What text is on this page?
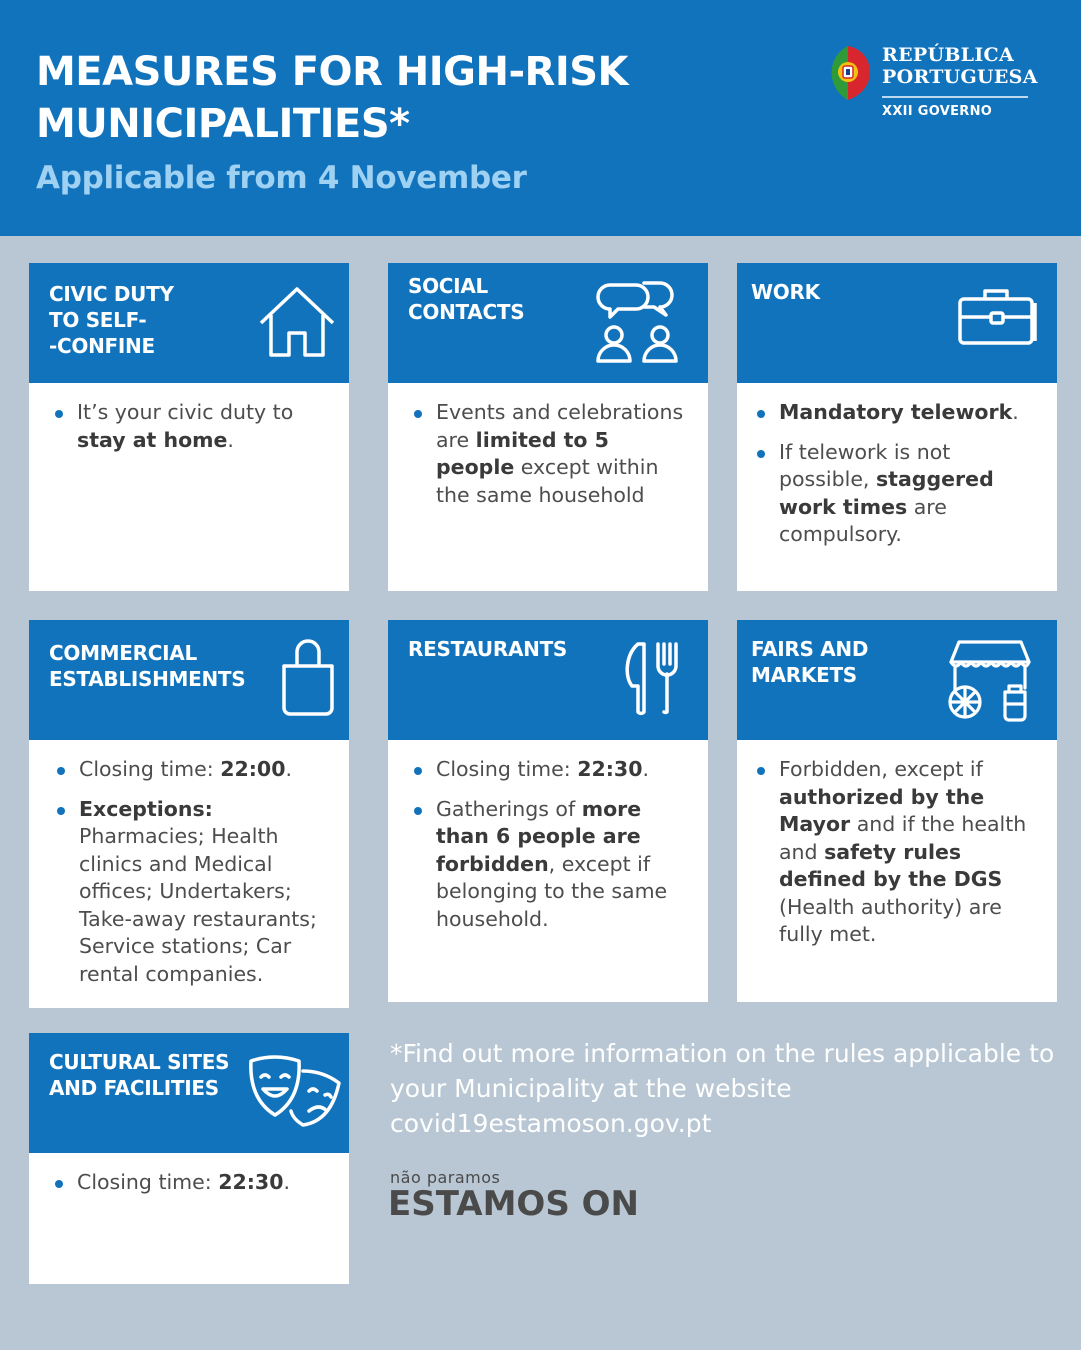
MEASURES FOR HIGH-RISK MUNICIPALITIES*
Applicable from 4 November
REPÚBLICA
PORTUGUESA
XXII GOVERNO
CIVIC DUTY
TO SELF-
-CONFINE
It’s your civic duty to stay at home.
SOCIAL
CONTACTS
Events and celebrations are limited to 5 people except within the same household
WORK
Mandatory telework.
If telework is not possible, staggered work times are compulsory.
COMMERCIAL
ESTABLISHMENTS
Closing time: 22:00.
Exceptions: Pharmacies; Health clinics and Medical offices; Undertakers; Take-away restaurants; Service stations; Car rental companies.
RESTAURANTS
Closing time: 22:30.
Gatherings of more than 6 people are forbidden, except if belonging to the same household.
FAIRS AND
MARKETS
Forbidden, except if authorized by the Mayor and if the health and safety rules defined by the DGS (Health authority) are fully met.
CULTURAL SITES
AND FACILITIES
Closing time: 22:30.
*Find out more information on the rules applicable to your Municipality at the website covid19estamoson.gov.pt
não paramos
ESTAMOS ON
